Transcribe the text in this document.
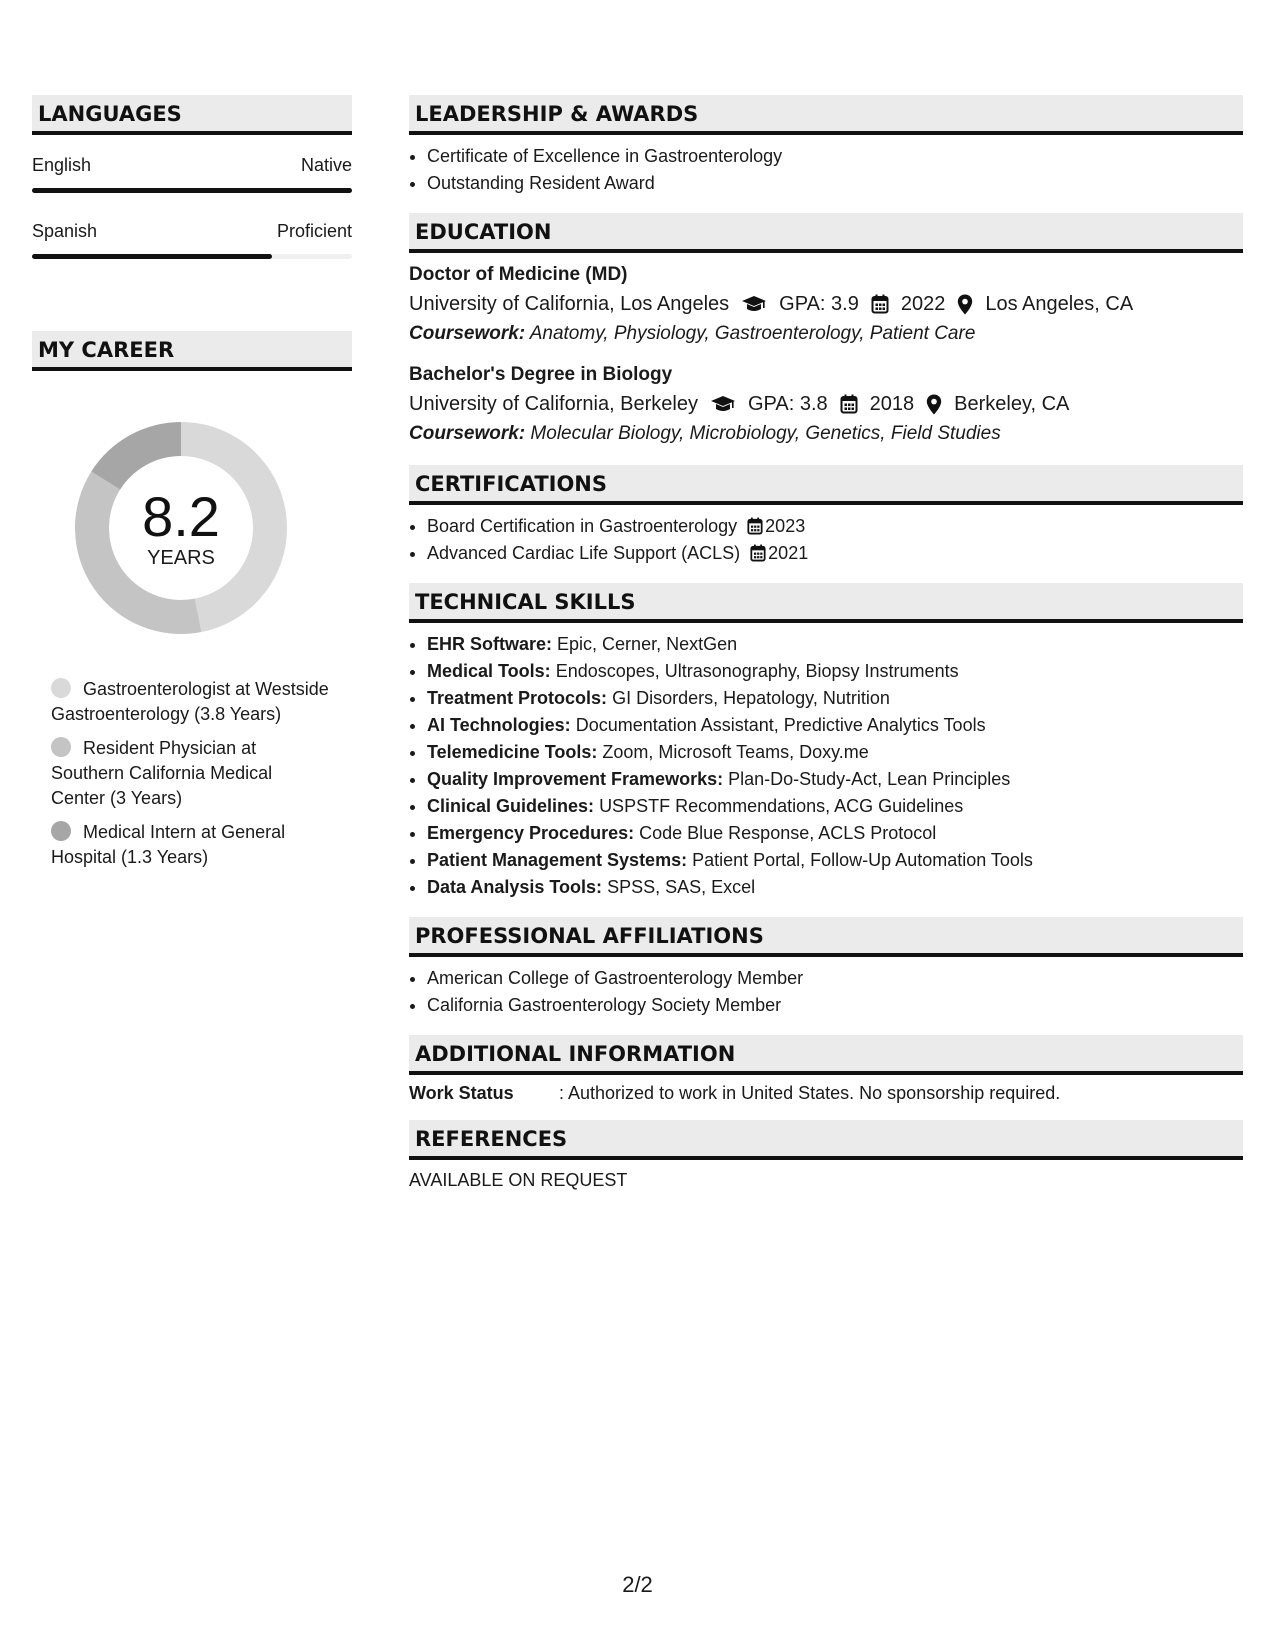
LANGUAGES
English	Native
Spanish	Proficient
MY CAREER
8.2
YEARS
Gastroenterologist at Westside Gastroenterology (3.8 Years)
Resident Physician at Southern California Medical Center (3 Years)
Medical Intern at General Hospital (1.3 Years)
LEADERSHIP & AWARDS
• Certificate of Excellence in Gastroenterology
• Outstanding Resident Award
EDUCATION
Doctor of Medicine (MD)
University of California, Los Angeles	GPA: 3.9 2022 Los Angeles, CA
Coursework: Anatomy, Physiology, Gastroenterology, Patient Care
Bachelor's Degree in Biology
University of California, Berkeley	GPA: 3.8 2018 Berkeley, CA
Coursework: Molecular Biology, Microbiology, Genetics, Field Studies
CERTIFICATIONS
• Board Certification in Gastroenterology 2023
• Advanced Cardiac Life Support (ACLS) 2021
TECHNICAL SKILLS
• EHR Software: Epic, Cerner, NextGen
• Medical Tools: Endoscopes, Ultrasonography, Biopsy Instruments
• Treatment Protocols: GI Disorders, Hepatology, Nutrition
• AI Technologies: Documentation Assistant, Predictive Analytics Tools
• Telemedicine Tools: Zoom, Microsoft Teams, Doxy.me
• Quality Improvement Frameworks: Plan-Do-Study-Act, Lean Principles
• Clinical Guidelines: USPSTF Recommendations, ACG Guidelines
• Emergency Procedures: Code Blue Response, ACLS Protocol
• Patient Management Systems: Patient Portal, Follow-Up Automation Tools
• Data Analysis Tools: SPSS, SAS, Excel
PROFESSIONAL AFFILIATIONS
• American College of Gastroenterology Member
• California Gastroenterology Society Member
ADDITIONAL INFORMATION
Work Status	: Authorized to work in United States. No sponsorship required.
REFERENCES
AVAILABLE ON REQUEST
2/2
